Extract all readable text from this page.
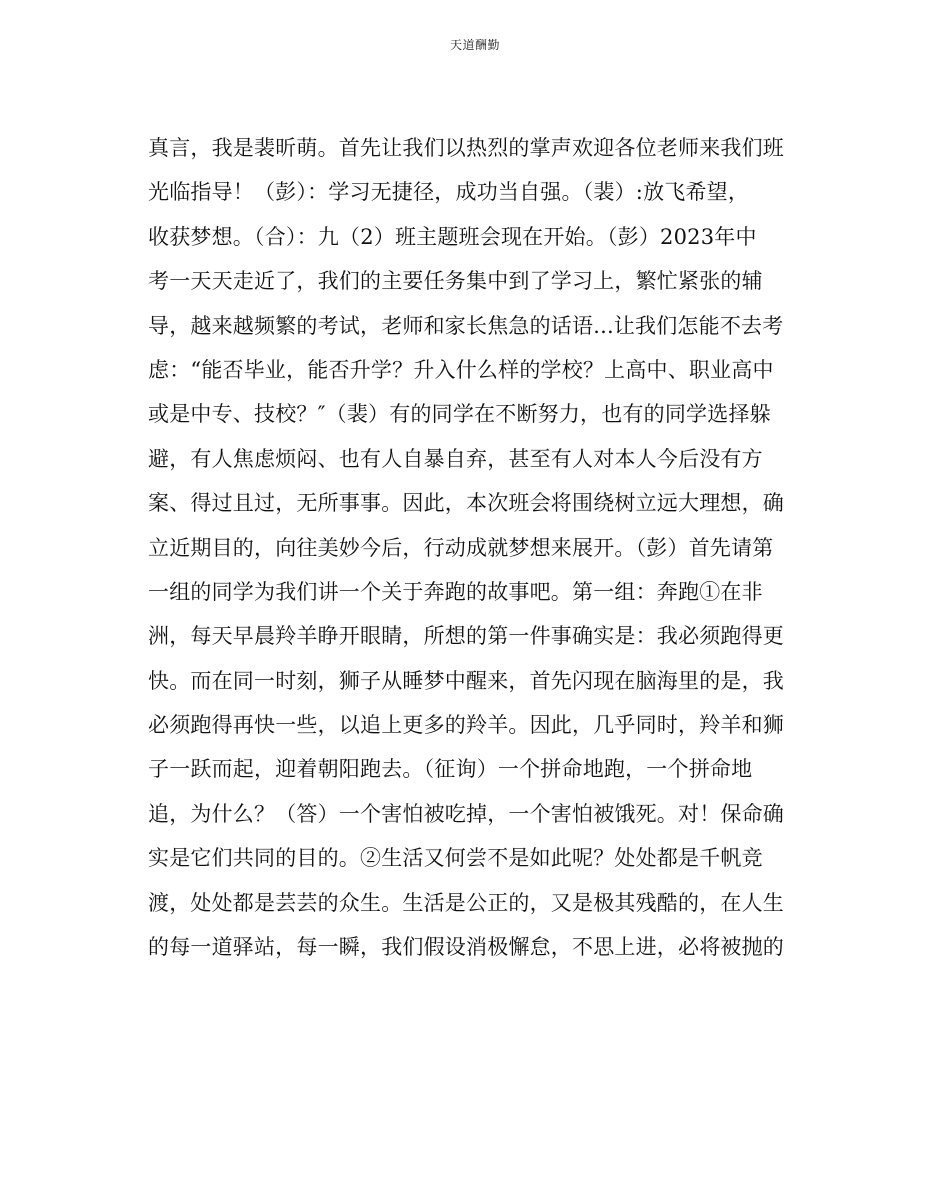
天道酬勤
真言，我是裴昕萌。首先让我们以热烈的掌声欢迎各位老师来我们班
光临指导！（彭）：学习无捷径，成功当自强。（裴）:放飞希望，
收获梦想。（合）：九（2）班主题班会现在开始。（彭）2023年中
考一天天走近了，我们的主要任务集中到了学习上，繁忙紧张的辅
导，越来越频繁的考试，老师和家长焦急的话语...让我们怎能不去考
虑：“能否毕业，能否升学？升入什么样的学校？上高中、职业高中
或是中专、技校？″（裴）有的同学在不断努力，也有的同学选择躲
避，有人焦虑烦闷、也有人自暴自弃，甚至有人对本人今后没有方
案、得过且过，无所事事。因此，本次班会将围绕树立远大理想，确
立近期目的，向往美妙今后，行动成就梦想来展开。（彭）首先请第
一组的同学为我们讲一个关于奔跑的故事吧。第一组：奔跑①在非
洲，每天早晨羚羊睁开眼睛，所想的第一件事确实是：我必须跑得更
快。而在同一时刻，狮子从睡梦中醒来，首先闪现在脑海里的是，我
必须跑得再快一些，以追上更多的羚羊。因此，几乎同时，羚羊和狮
子一跃而起，迎着朝阳跑去。（征询）一个拼命地跑，一个拼命地
追，为什么？（答）一个害怕被吃掉，一个害怕被饿死。对！保命确
实是它们共同的目的。②生活又何尝不是如此呢？处处都是千帆竞
渡，处处都是芸芸的众生。生活是公正的，又是极其残酷的，在人生
的每一道驿站，每一瞬，我们假设消极懈怠，不思上进，必将被抛的
